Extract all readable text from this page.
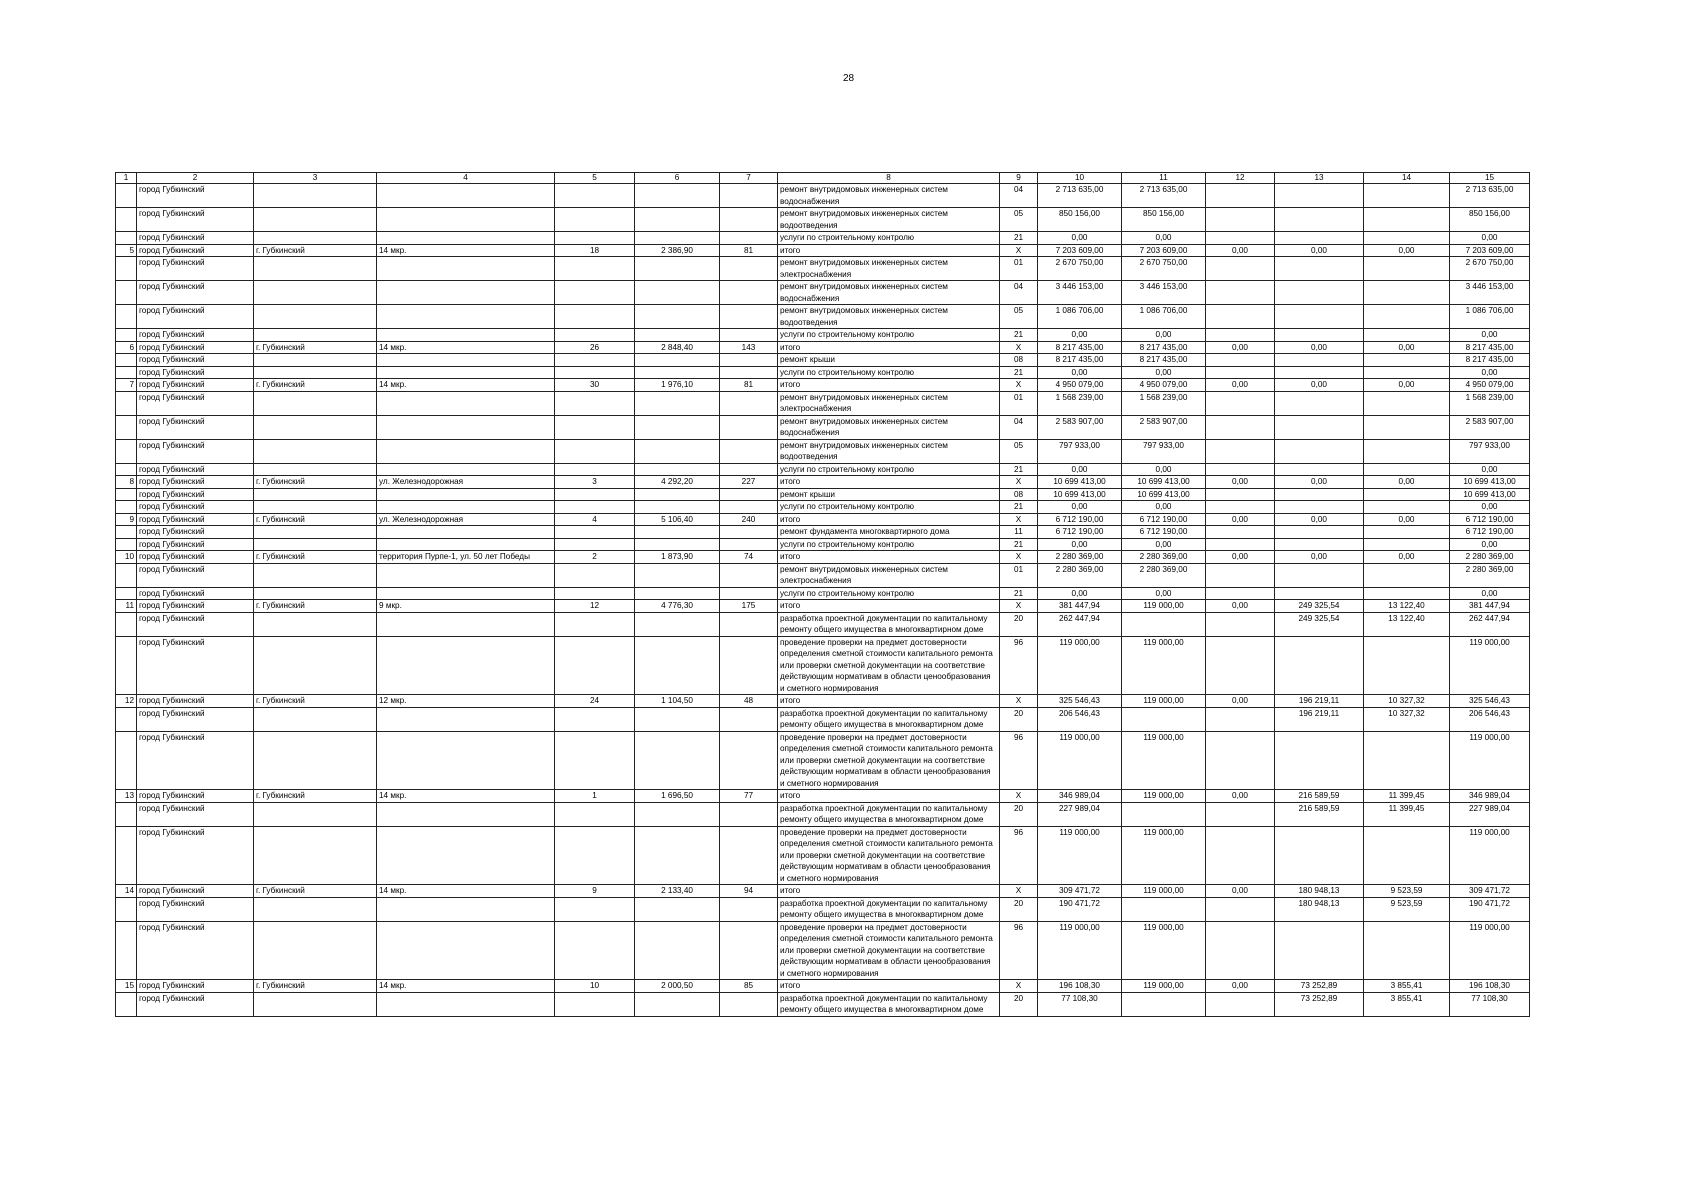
28
1	2	3	4	5	6	7	8	9	10	11	12	13	14	15
	город Губкинский						ремонт внутридомовых инженерных систем водоснабжения	04	2 713 635,00	2 713 635,00				2 713 635,00
	город Губкинский						ремонт внутридомовых инженерных систем водоотведения	05	850 156,00	850 156,00				850 156,00
	город Губкинский						услуги по строительному контролю	21	0,00	0,00				0,00
5	город Губкинский	г. Губкинский	14 мкр.	18	2 386,90	81	итого	X	7 203 609,00	7 203 609,00	0,00	0,00	0,00	7 203 609,00
	город Губкинский						ремонт внутридомовых инженерных систем электроснабжения	01	2 670 750,00	2 670 750,00				2 670 750,00
	город Губкинский						ремонт внутридомовых инженерных систем водоснабжения	04	3 446 153,00	3 446 153,00				3 446 153,00
	город Губкинский						ремонт внутридомовых инженерных систем водоотведения	05	1 086 706,00	1 086 706,00				1 086 706,00
	город Губкинский						услуги по строительному контролю	21	0,00	0,00				0,00
6	город Губкинский	г. Губкинский	14 мкр.	26	2 848,40	143	итого	X	8 217 435,00	8 217 435,00	0,00	0,00	0,00	8 217 435,00
	город Губкинский						ремонт крыши	08	8 217 435,00	8 217 435,00				8 217 435,00
	город Губкинский						услуги по строительному контролю	21	0,00	0,00				0,00
7	город Губкинский	г. Губкинский	14 мкр.	30	1 976,10	81	итого	X	4 950 079,00	4 950 079,00	0,00	0,00	0,00	4 950 079,00
	город Губкинский						ремонт внутридомовых инженерных систем электроснабжения	01	1 568 239,00	1 568 239,00				1 568 239,00
	город Губкинский						ремонт внутридомовых инженерных систем водоснабжения	04	2 583 907,00	2 583 907,00				2 583 907,00
	город Губкинский						ремонт внутридомовых инженерных систем водоотведения	05	797 933,00	797 933,00				797 933,00
	город Губкинский						услуги по строительному контролю	21	0,00	0,00				0,00
8	город Губкинский	г. Губкинский	ул. Железнодорожная	3	4 292,20	227	итого	X	10 699 413,00	10 699 413,00	0,00	0,00	0,00	10 699 413,00
	город Губкинский						ремонт крыши	08	10 699 413,00	10 699 413,00				10 699 413,00
	город Губкинский						услуги по строительному контролю	21	0,00	0,00				0,00
9	город Губкинский	г. Губкинский	ул. Железнодорожная	4	5 106,40	240	итого	X	6 712 190,00	6 712 190,00	0,00	0,00	0,00	6 712 190,00
	город Губкинский						ремонт фундамента многоквартирного дома	11	6 712 190,00	6 712 190,00				6 712 190,00
	город Губкинский						услуги по строительному контролю	21	0,00	0,00				0,00
10	город Губкинский	г. Губкинский	территория Пурпе-1, ул. 50 лет Победы	2	1 873,90	74	итого	X	2 280 369,00	2 280 369,00	0,00	0,00	0,00	2 280 369,00
	город Губкинский						ремонт внутридомовых инженерных систем электроснабжения	01	2 280 369,00	2 280 369,00				2 280 369,00
	город Губкинский						услуги по строительному контролю	21	0,00	0,00				0,00
11	город Губкинский	г. Губкинский	9 мкр.	12	4 776,30	175	итого	X	381 447,94	119 000,00	0,00	249 325,54	13 122,40	381 447,94
	город Губкинский						разработка проектной документации по капитальному ремонту общего имущества в многоквартирном доме	20	262 447,94			249 325,54	13 122,40	262 447,94
	город Губкинский						проведение проверки на предмет достоверности определения сметной стоимости капитального ремонта или проверки сметной документации на соответствие действующим нормативам в области ценообразования и сметного нормирования	96	119 000,00	119 000,00				119 000,00
12	город Губкинский	г. Губкинский	12 мкр.	24	1 104,50	48	итого	X	325 546,43	119 000,00	0,00	196 219,11	10 327,32	325 546,43
	город Губкинский						разработка проектной документации по капитальному ремонту общего имущества в многоквартирном доме	20	206 546,43			196 219,11	10 327,32	206 546,43
	город Губкинский						проведение проверки на предмет достоверности определения сметной стоимости капитального ремонта или проверки сметной документации на соответствие действующим нормативам в области ценообразования и сметного нормирования	96	119 000,00	119 000,00				119 000,00
13	город Губкинский	г. Губкинский	14 мкр.	1	1 696,50	77	итого	X	346 989,04	119 000,00	0,00	216 589,59	11 399,45	346 989,04
	город Губкинский						разработка проектной документации по капитальному ремонту общего имущества в многоквартирном доме	20	227 989,04			216 589,59	11 399,45	227 989,04
	город Губкинский						проведение проверки на предмет достоверности определения сметной стоимости капитального ремонта или проверки сметной документации на соответствие действующим нормативам в области ценообразования и сметного нормирования	96	119 000,00	119 000,00				119 000,00
14	город Губкинский	г. Губкинский	14 мкр.	9	2 133,40	94	итого	X	309 471,72	119 000,00	0,00	180 948,13	9 523,59	309 471,72
	город Губкинский						разработка проектной документации по капитальному ремонту общего имущества в многоквартирном доме	20	190 471,72			180 948,13	9 523,59	190 471,72
	город Губкинский						проведение проверки на предмет достоверности определения сметной стоимости капитального ремонта или проверки сметной документации на соответствие действующим нормативам в области ценообразования и сметного нормирования	96	119 000,00	119 000,00				119 000,00
15	город Губкинский	г. Губкинский	14 мкр.	10	2 000,50	85	итого	X	196 108,30	119 000,00	0,00	73 252,89	3 855,41	196 108,30
	город Губкинский						разработка проектной документации по капитальному ремонту общего имущества в многоквартирном доме	20	77 108,30			73 252,89	3 855,41	77 108,30
